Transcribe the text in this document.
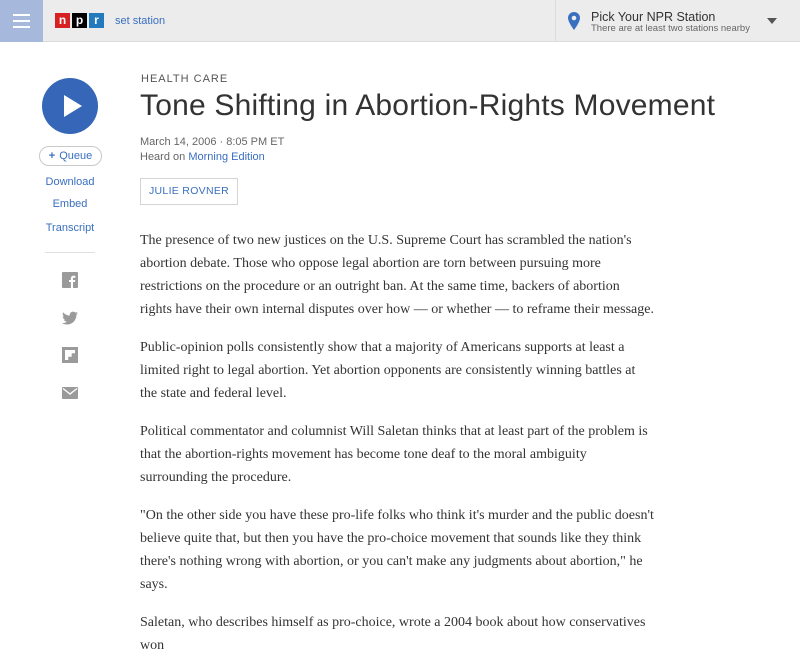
n p r	set station	Pick Your NPR Station
There are at least two stations nearby
+ Queue
Download
Embed
Transcript
HEALTH CARE
Tone Shifting in Abortion-Rights Movement
March 14, 2006 · 8:05 PM ET
Heard on Morning Edition
JULIE ROVNER

The presence of two new justices on the U.S. Supreme Court has scrambled the nation's abortion debate. Those who oppose legal abortion are torn between pursuing more restrictions on the procedure or an outright ban. At the same time, backers of abortion rights have their own internal disputes over how — or whether — to reframe their message.

Public-opinion polls consistently show that a majority of Americans supports at least a limited right to legal abortion. Yet abortion opponents are consistently winning battles at the state and federal level.

Political commentator and columnist Will Saletan thinks that at least part of the problem is that the abortion-rights movement has become tone deaf to the moral ambiguity surrounding the procedure.

"On the other side you have these pro-life folks who think it's murder and the public doesn't believe quite that, but then you have the pro-choice movement that sounds like they think there's nothing wrong with abortion, or you can't make any judgments about abortion," he says.

Saletan, who describes himself as pro-choice, wrote a 2004 book about how conservatives won
